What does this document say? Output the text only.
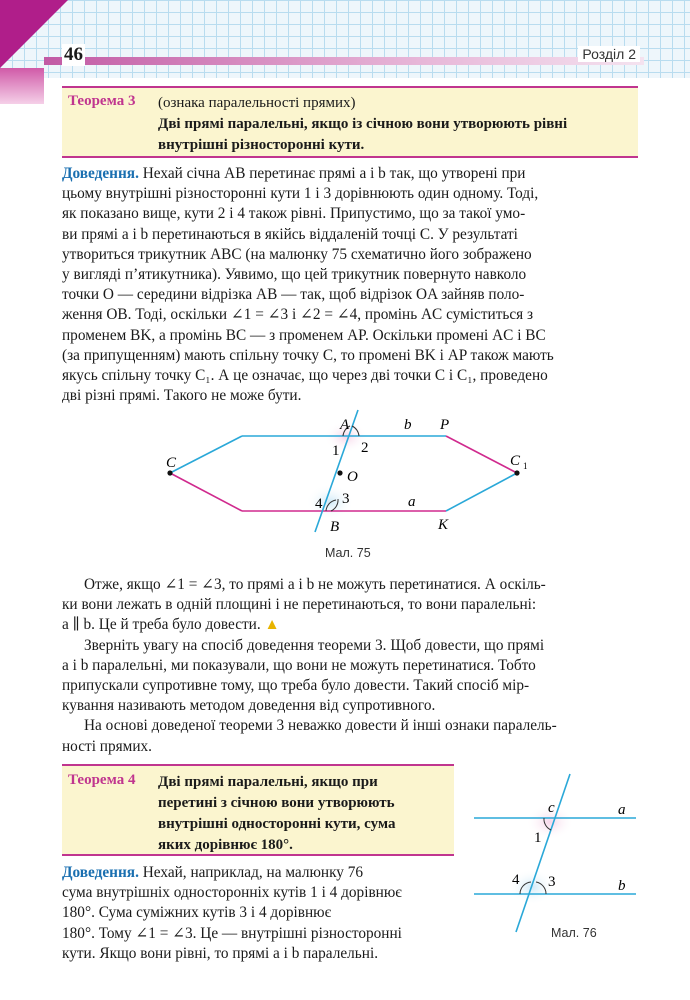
46	Розділ 2
Теорема 3 (ознака паралельності прямих)
Дві прямі паралельні, якщо із січною вони утворюють рівні
внутрішні різносторонні кути.
Доведення. Нехай січна AB перетинає прямі a і b так, що утворені при
цьому внутрішні різносторонні кути 1 і 3 дорівнюють один одному. Тоді,
як показано вище, кути 2 і 4 також рівні. Припустимо, що за такої умо-
ви прямі a і b перетинаються в якійсь віддаленій точці C. У результаті
утвориться трикутник ABC (на малюнку 75 схематично його зображено
у вигляді п’ятикутника). Уявимо, що цей трикутник повернуто навколо
точки O — середини відрізка AB — так, щоб відрізок OA зайняв поло-
ження OB. Тоді, оскільки ∠1 = ∠3 і ∠2 = ∠4, промінь AC суміститься з
променем BK, а промінь BC — з променем AP. Оскільки промені AC і BC
(за припущенням) мають спільну точку C, то промені BK і AP також мають
якусь спільну точку C₁. А це означає, що через дві точки C і C₁, проведено
дві різні прямі. Такого не може бути.
C	C 1
A
B
O
P
K
b
a
1 2
3
4
Мал. 75
Отже, якщо ∠1 = ∠3, то прямі a і b не можуть перетинатися. А оскіль-
ки вони лежать в одній площині і не перетинаються, то вони паралельні:
a ∥ b. Це й треба було довести. ▲
Зверніть увагу на спосіб доведення теореми 3. Щоб довести, що прямі
a і b паралельні, ми показували, що вони не можуть перетинатися. Тобто
припускали супротивне тому, що треба було довести. Такий спосіб мір-
кування називають методом доведення від супротивного.
На основі доведеної теореми 3 неважко довести й інші ознаки паралель-
ності прямих.
Теорема 4 Дві прямі паралельні, якщо при
перетині з січною вони утворюють
внутрішні односторонні кути, сума
яких дорівнює 180°.
Доведення. Нехай, наприклад, на малюнку 76
сума внутрішніх односторонніх кутів 1 і 4 дорівнює
180°. Сума суміжних кутів 3 і 4 дорівнює
180°. Тому ∠1 = ∠3. Це — внутрішні різносторонні
кути. Якщо вони рівні, то прямі a і b паралельні.
c	a
b
1
4 3
Мал. 76
